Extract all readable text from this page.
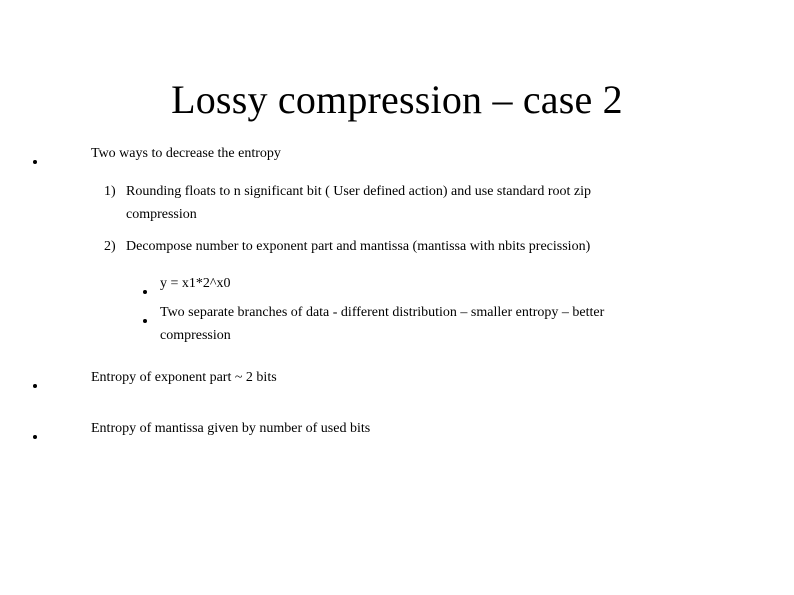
Lossy compression – case 2
Two ways to decrease the entropy
1) Rounding floats to n significant bit ( User defined action) and use standard root zip
compression
2) Decompose number to exponent part and mantissa (mantissa with nbits precission)
y = x1*2^x0
Two separate branches of data - different distribution – smaller entropy – better
compression
Entropy of exponent part ~ 2 bits
Entropy of mantissa given by number of used bits
